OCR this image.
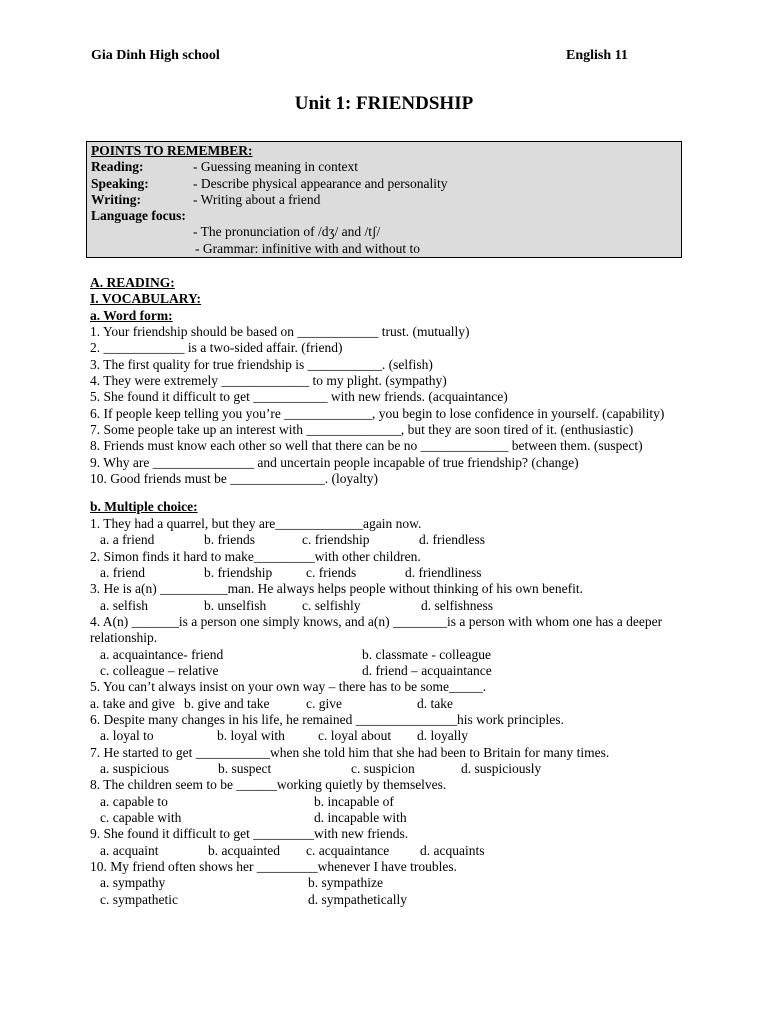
Gia Dinh High school	English 11
Unit 1: FRIENDSHIP
POINTS TO REMEMBER:
Reading:	- Guessing meaning in context
Speaking:	- Describe physical appearance and personality
Writing:	- Writing about a friend
Language focus:
- The pronunciation of /dʒ/ and /tʃ/
- Grammar: infinitive with and without to
A. READING:
I. VOCABULARY:
a. Word form:
1. Your friendship should be based on ____________ trust. (mutually)
2. ____________ is a two-sided affair. (friend)
3. The first quality for true friendship is ___________. (selfish)
4. They were extremely _____________ to my plight. (sympathy)
5. She found it difficult to get ___________ with new friends. (acquaintance)
6. If people keep telling you you’re _____________, you begin to lose confidence in yourself. (capability)
7. Some people take up an interest with ______________, but they are soon tired of it. (enthusiastic)
8. Friends must know each other so well that there can be no _____________ between them. (suspect)
9. Why are _______________ and uncertain people incapable of true friendship? (change)
10. Good friends must be ______________. (loyalty)
b. Multiple choice:
1. They had a quarrel, but they are_____________again now.
a. a friend	b. friends	c. friendship	d. friendless
2. Simon finds it hard to make_________with other children.
a. friend	b. friendship	c. friends	d. friendliness
3. He is a(n) __________man. He always helps people without thinking of his own benefit.
a. selfish	b. unselfish	c. selfishly	d. selfishness
4. A(n) _______is a person one simply knows, and a(n) ________is a person with whom one has a deeper relationship.
a. acquaintance- friend	b. classmate - colleague
c. colleague – relative	d. friend – acquaintance
5. You can’t always insist on your own way – there has to be some_____.
a. take and give b. give and take	c. give	d. take
6. Despite many changes in his life, he remained _______________his work principles.
a. loyal to	b. loyal with c. loyal about d. loyally
7. He started to get ___________when she told him that she had been to Britain for many times.
a. suspicious	b. suspect	c. suspicion	d. suspiciously
8. The children seem to be ______working quietly by themselves.
a. capable to	b. incapable of
c. capable with	d. incapable with
9. She found it difficult to get _________with new friends.
a. acquaint	b. acquainted c. acquaintance d. acquaints
10. My friend often shows her _________whenever I have troubles.
a. sympathy	b. sympathize
c. sympathetic	d. sympathetically
